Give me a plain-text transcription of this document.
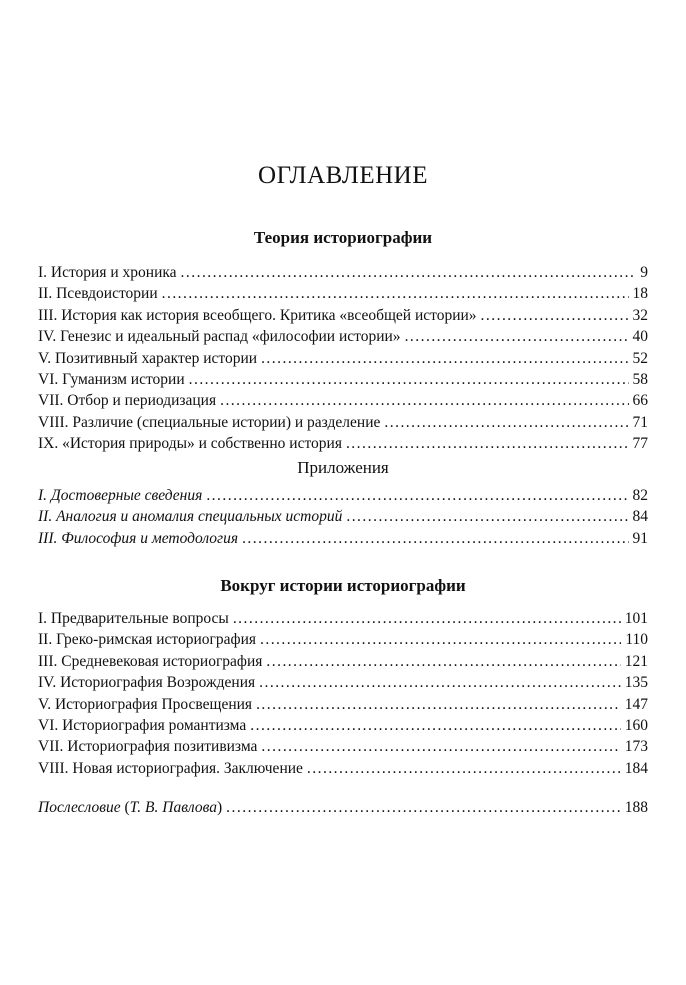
ОГЛАВЛЕНИЕ
Теория историографии
I. История и хроника . . .	9
II. Псевдоистории . . .	18
III. История как история всеобщего. Критика «всеобщей истории» . . .	32
IV. Генезис и идеальный распад «философии истории» . . .	40
V. Позитивный характер истории . . .	52
VI. Гуманизм истории . . .	58
VII. Отбор и периодизация . . .	66
VIII. Различие (специальные истории) и разделение . . .	71
IX. «История природы» и собственно история . . .	77
Приложения
I. Достоверные сведения . . .	82
II. Аналогия и аномалия специальных историй . . .	84
III. Философия и методология . . .	91
Вокруг истории историографии
I. Предварительные вопросы . . .	101
II. Греко-римская историография . . .	110
III. Средневековая историография . . .	121
IV. Историография Возрождения . . .	135
V. Историография Просвещения . . .	147
VI. Историография романтизма . . .	160
VII. Историография позитивизма . . .	173
VIII. Новая историография. Заключение . . .	184
Послесловие (Т. В. Павлова) . . .	188
